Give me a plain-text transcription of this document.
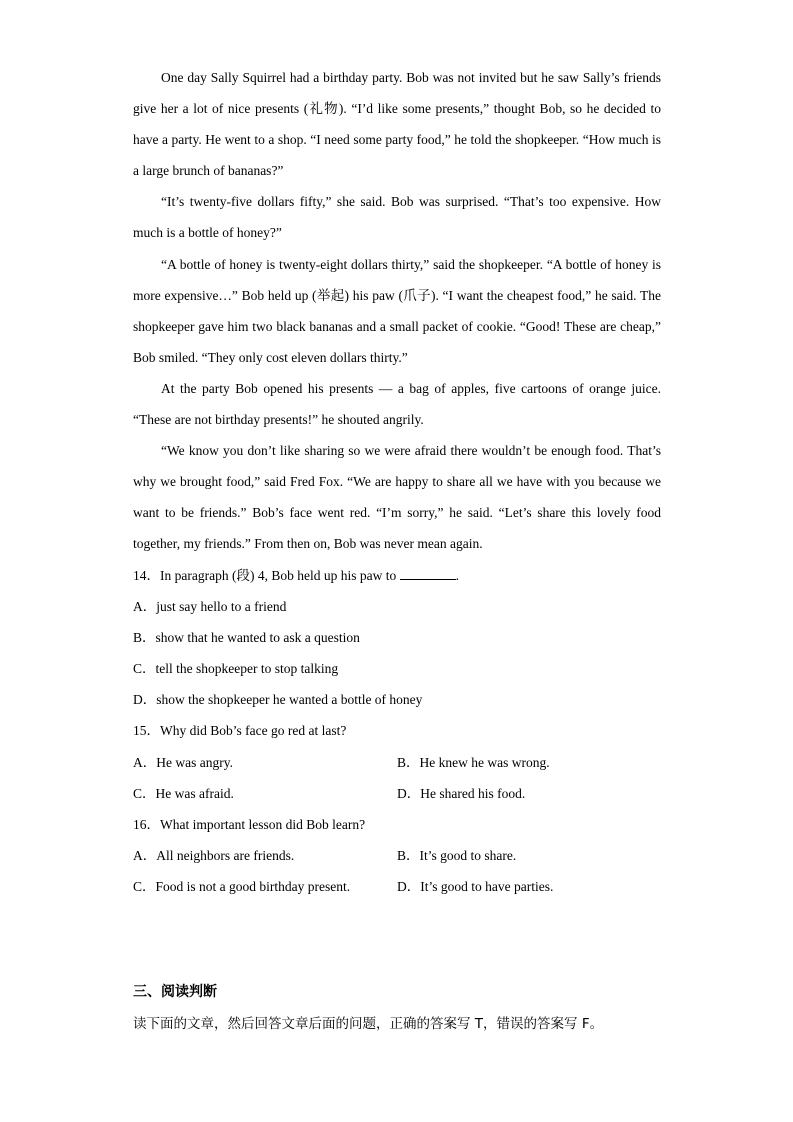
One day Sally Squirrel had a birthday party. Bob was not invited but he saw Sally’s friends give her a lot of nice presents (礼物). “I’d like some presents,” thought Bob, so he decided to have a party. He went to a shop. “I need some party food,” he told the shopkeeper. “How much is a large brunch of bananas?”

“It’s twenty-five dollars fifty,” she said. Bob was surprised. “That’s too expensive. How much is a bottle of honey?”

“A bottle of honey is twenty-eight dollars thirty,” said the shopkeeper. “A bottle of honey is more expensive…” Bob held up (举起) his paw (爪子). “I want the cheapest food,” he said. The shopkeeper gave him two black bananas and a small packet of cookie. “Good! These are cheap,” Bob smiled. “They only cost eleven dollars thirty.”

At the party Bob opened his presents — a bag of apples, five cartoons of orange juice. “These are not birthday presents!” he shouted angrily.

“We know you don’t like sharing so we were afraid there wouldn’t be enough food. That’s why we brought food,” said Fred Fox. “We are happy to share all we have with you because we want to be friends.” Bob’s face went red. “I’m sorry,” he said. “Let’s share this lovely food together, my friends.” From then on, Bob was never mean again.

14．In paragraph (段) 4, Bob held up his paw to	.
A．just say hello to a friend
B．show that he wanted to ask a question
C．tell the shopkeeper to stop talking
D．show the shopkeeper he wanted a bottle of honey
15．Why did Bob’s face go red at last?
A．He was angry.	B．He knew he was wrong.
C．He was afraid.	D．He shared his food.
16．What important lesson did Bob learn?
A．All neighbors are friends.	B．It’s good to share.
C．Food is not a good birthday present.	D．It’s good to have parties.
三、阅读判断
读下面的文章，然后回答文章后面的问题，正确的答案写 T，错误的答案写 F。
